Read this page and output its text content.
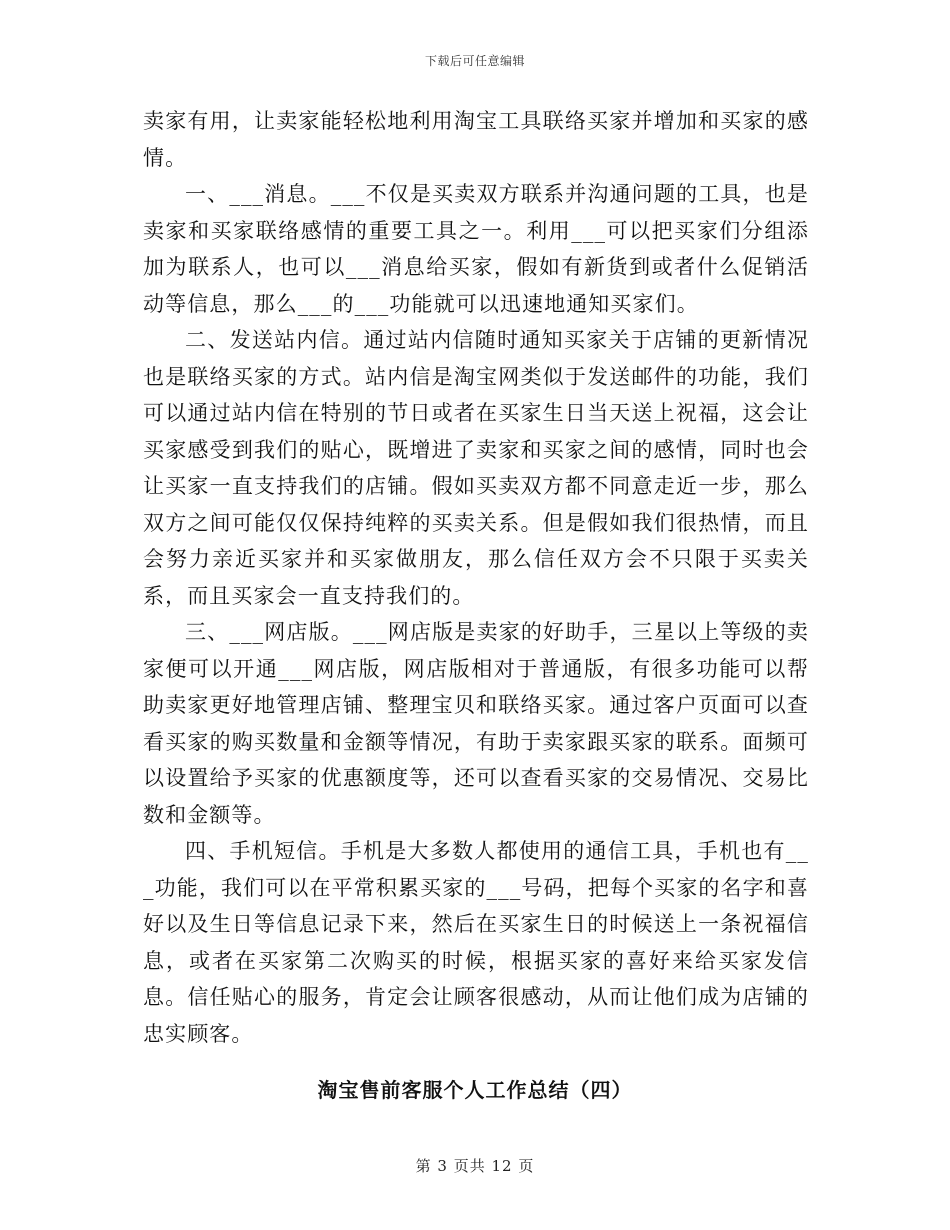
下载后可任意编辑

卖家有用，让卖家能轻松地利用淘宝工具联络买家并增加和买家的感情。

一、___消息。___不仅是买卖双方联系并沟通问题的工具，也是卖家和买家联络感情的重要工具之一。利用___可以把买家们分组添加为联系人，也可以___消息给买家，假如有新货到或者什么促销活动等信息，那么___的___功能就可以迅速地通知买家们。

二、发送站内信。通过站内信随时通知买家关于店铺的更新情况也是联络买家的方式。站内信是淘宝网类似于发送邮件的功能，我们可以通过站内信在特别的节日或者在买家生日当天送上祝福，这会让买家感受到我们的贴心，既增进了卖家和买家之间的感情，同时也会让买家一直支持我们的店铺。假如买卖双方都不同意走近一步，那么双方之间可能仅仅保持纯粹的买卖关系。但是假如我们很热情，而且会努力亲近买家并和买家做朋友，那么信任双方会不只限于买卖关系，而且买家会一直支持我们的。

三、___网店版。___网店版是卖家的好助手，三星以上等级的卖家便可以开通___网店版，网店版相对于普通版，有很多功能可以帮助卖家更好地管理店铺、整理宝贝和联络买家。通过客户页面可以查看买家的购买数量和金额等情况，有助于卖家跟买家的联系。面频可以设置给予买家的优惠额度等，还可以查看买家的交易情况、交易比数和金额等。

四、手机短信。手机是大多数人都使用的通信工具，手机也有___功能，我们可以在平常积累买家的___号码，把每个买家的名字和喜好以及生日等信息记录下来，然后在买家生日的时候送上一条祝福信息，或者在买家第二次购买的时候，根据买家的喜好来给买家发信息。信任贴心的服务，肯定会让顾客很感动，从而让他们成为店铺的忠实顾客。

淘宝售前客服个人工作总结（四）
第 3 页共 12 页
